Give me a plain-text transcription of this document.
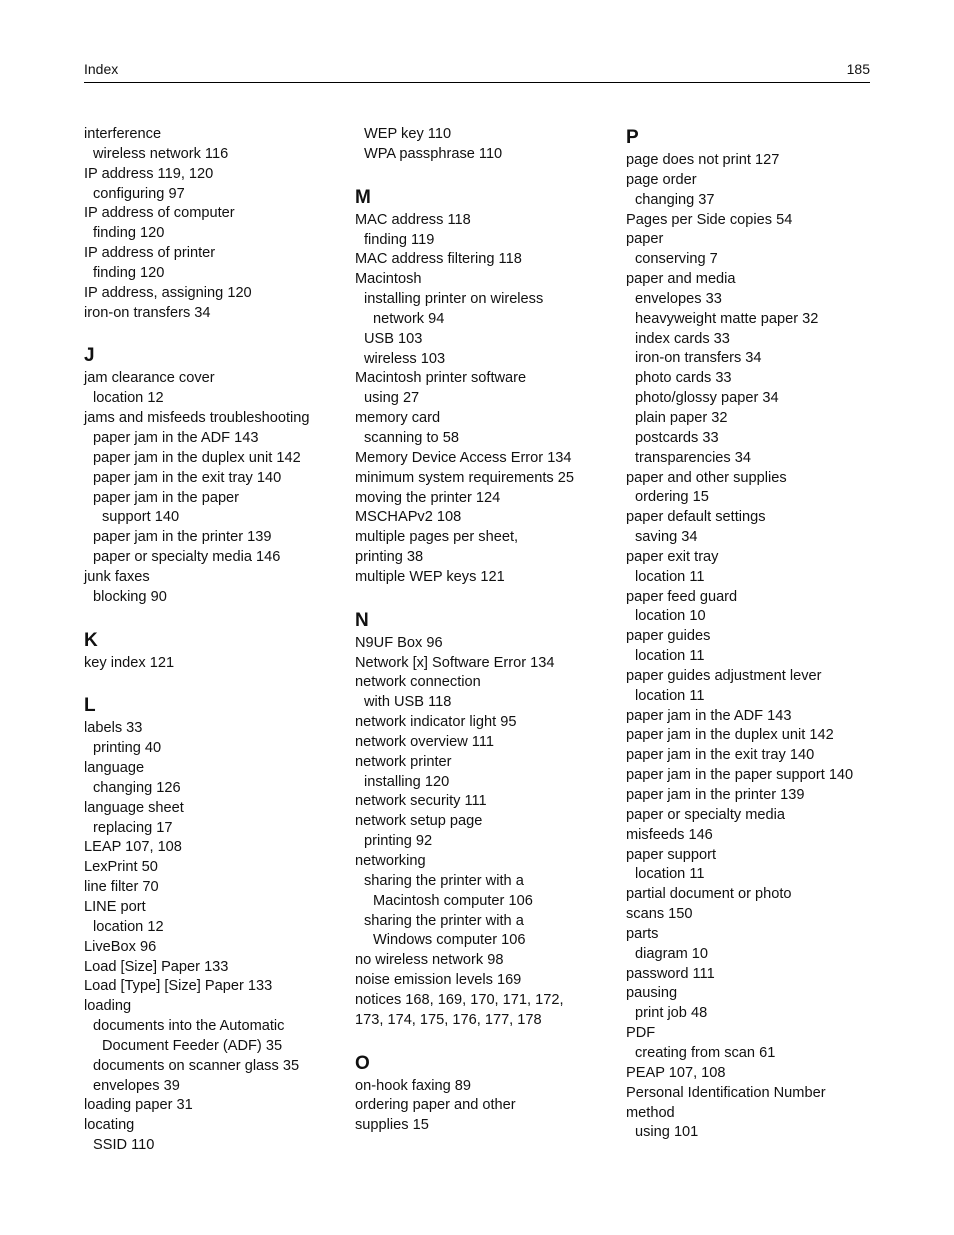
Index	185
interference
wireless network 116
IP address 119, 120
configuring 97
IP address of computer
finding 120
IP address of printer
finding 120
IP address, assigning 120
iron-on transfers 34
J
jam clearance cover
location 12
jams and misfeeds troubleshooting
paper jam in the ADF 143
paper jam in the duplex unit 142
paper jam in the exit tray 140
paper jam in the paper
support 140
paper jam in the printer 139
paper or specialty media 146
junk faxes
blocking 90
K
key index 121
L
labels 33
printing 40
language
changing 126
language sheet
replacing 17
LEAP 107, 108
LexPrint 50
line filter 70
LINE port
location 12
LiveBox 96
Load [Size] Paper 133
Load [Type] [Size] Paper 133
loading
documents into the Automatic
Document Feeder (ADF) 35
documents on scanner glass 35
envelopes 39
loading paper 31
locating
SSID 110
WEP key 110
WPA passphrase 110
M
MAC address 118
finding 119
MAC address filtering 118
Macintosh
installing printer on wireless
network 94
USB 103
wireless 103
Macintosh printer software
using 27
memory card
scanning to 58
Memory Device Access Error 134
minimum system requirements 25
moving the printer 124
MSCHAPv2 108
multiple pages per sheet,
printing 38
multiple WEP keys 121
N
N9UF Box 96
Network [x] Software Error 134
network connection
with USB 118
network indicator light 95
network overview 111
network printer
installing 120
network security 111
network setup page
printing 92
networking
sharing the printer with a
Macintosh computer 106
sharing the printer with a
Windows computer 106
no wireless network 98
noise emission levels 169
notices 168, 169, 170, 171, 172,
173, 174, 175, 176, 177, 178
O
on-hook faxing 89
ordering paper and other
supplies 15
P
page does not print 127
page order
changing 37
Pages per Side copies 54
paper
conserving 7
paper and media
envelopes 33
heavyweight matte paper 32
index cards 33
iron-on transfers 34
photo cards 33
photo/glossy paper 34
plain paper 32
postcards 33
transparencies 34
paper and other supplies
ordering 15
paper default settings
saving 34
paper exit tray
location 11
paper feed guard
location 10
paper guides
location 11
paper guides adjustment lever
location 11
paper jam in the ADF 143
paper jam in the duplex unit 142
paper jam in the exit tray 140
paper jam in the paper support 140
paper jam in the printer 139
paper or specialty media
misfeeds 146
paper support
location 11
partial document or photo
scans 150
parts
diagram 10
password 111
pausing
print job 48
PDF
creating from scan 61
PEAP 107, 108
Personal Identification Number
method
using 101
